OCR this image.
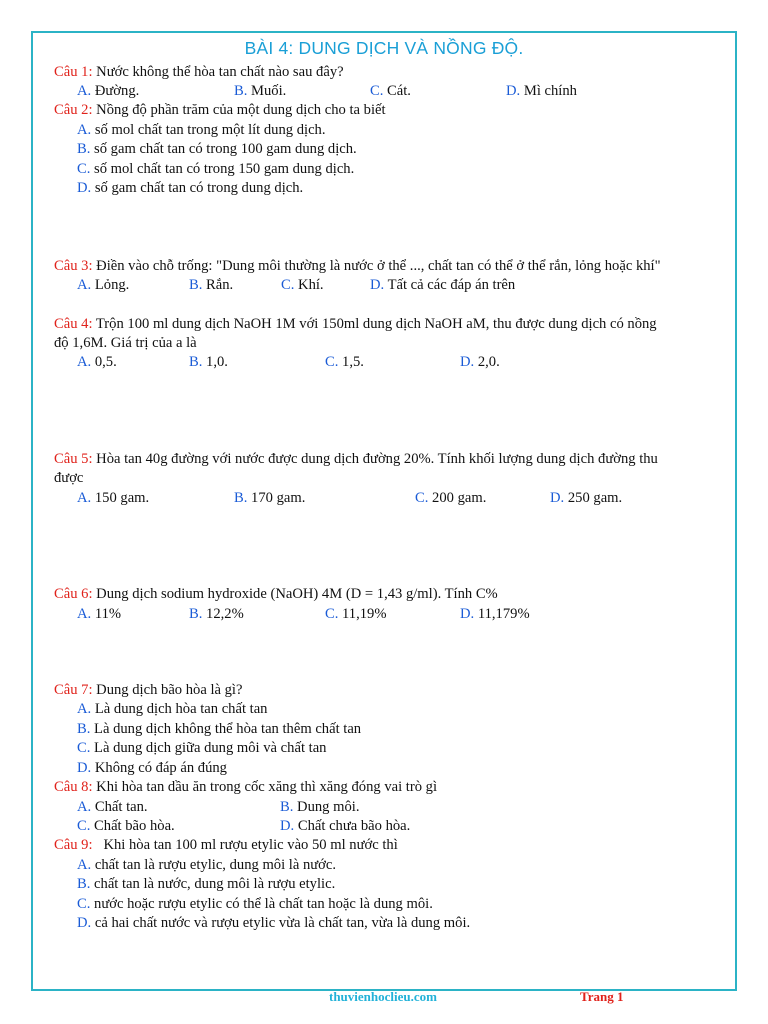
BÀI 4: DUNG DỊCH VÀ NỒNG ĐỘ.
Câu 1: Nước không thể hòa tan chất nào sau đây?
A. Đường.	B. Muối.	C. Cát.	D. Mì chính
Câu 2: Nồng độ phần trăm của một dung dịch cho ta biết
A. số mol chất tan trong một lít dung dịch.
B. số gam chất tan có trong 100 gam dung dịch.
C. số mol chất tan có trong 150 gam dung dịch.
D. số gam chất tan có trong dung dịch.
Câu 3: Điền vào chỗ trống: "Dung môi thường là nước ở thể ..., chất tan có thể ở thể rắn, lỏng hoặc khí"
A. Lỏng.	B. Rắn.	C. Khí.	D. Tất cả các đáp án trên
Câu 4: Trộn 100 ml dung dịch NaOH 1M với 150ml dung dịch NaOH aM, thu được dung dịch có nồng
độ 1,6M. Giá trị của a là
A. 0,5.	B. 1,0.	C. 1,5.	D. 2,0.
Câu 5: Hòa tan 40g đường với nước được dung dịch đường 20%. Tính khối lượng dung dịch đường thu
được
A. 150 gam.	B. 170 gam.	C. 200 gam.	D. 250 gam.
Câu 6: Dung dịch sodium hydroxide (NaOH) 4M (D = 1,43 g/ml). Tính C%
A. 11%	B. 12,2%	C. 11,19%	D. 11,179%
Câu 7: Dung dịch bão hòa là gì?
A. Là dung dịch hòa tan chất tan
B. Là dung dịch không thể hòa tan thêm chất tan
C. Là dung dịch giữa dung môi và chất tan
D. Không có đáp án đúng
Câu 8: Khi hòa tan dầu ăn trong cốc xăng thì xăng đóng vai trò gì
A. Chất tan.	B. Dung môi.
C. Chất bão hòa.	D. Chất chưa bão hòa.
Câu 9:   Khi hòa tan 100 ml rượu etylic vào 50 ml nước thì
A. chất tan là rượu etylic, dung môi là nước.
B. chất tan là nước, dung môi là rượu etylic.
C. nước hoặc rượu etylic có thể là chất tan hoặc là dung môi.
D. cả hai chất nước và rượu etylic vừa là chất tan, vừa là dung môi.
thuvienhoclieu.com	Trang 1
